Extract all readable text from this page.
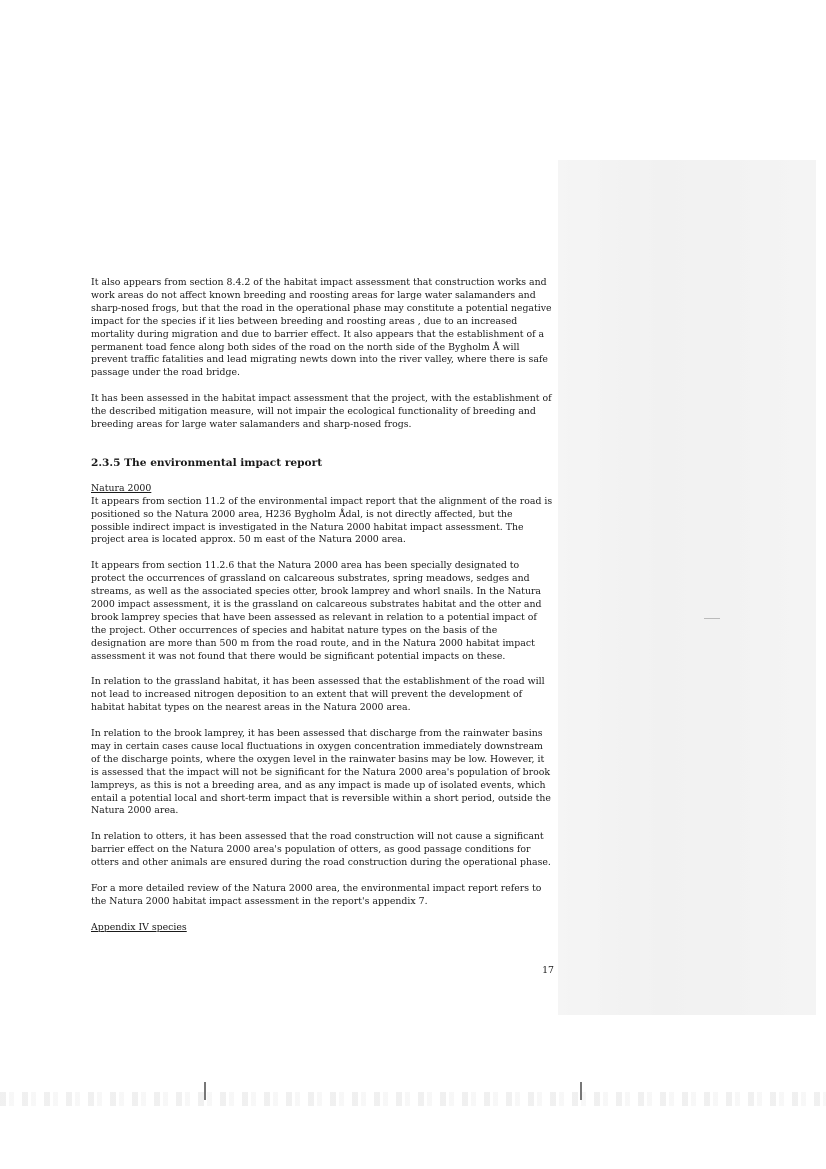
It also appears from section 8.4.2 of the habitat impact assessment that construction works and work areas do not affect known breeding and roosting areas for large water salamanders and sharp-nosed frogs, but that the road in the operational phase may constitute a potential negative impact for the species if it lies between breeding and roosting areas , due to an increased mortality during migration and due to barrier effect. It also appears that the establishment of a permanent toad fence along both sides of the road on the north side of the Bygholm Å will prevent traffic fatalities and lead migrating newts down into the river valley, where there is safe passage under the road bridge.

It has been assessed in the habitat impact assessment that the project, with the establishment of the described mitigation measure, will not impair the ecological functionality of breeding and breeding areas for large water salamanders and sharp-nosed frogs.

2.3.5 The environmental impact report
Natura 2000

It appears from section 11.2 of the environmental impact report that the alignment of the road is positioned so the Natura 2000 area, H236 Bygholm Ådal, is not directly affected, but the possible indirect impact is investigated in the Natura 2000 habitat impact assessment. The project area is located approx. 50 m east of the Natura 2000 area.

It appears from section 11.2.6 that the Natura 2000 area has been specially designated to protect the occurrences of grassland on calcareous substrates, spring meadows, sedges and streams, as well as the associated species otter, brook lamprey and whorl snails. In the Natura 2000 impact assessment, it is the grassland on calcareous substrates habitat and the otter and brook lamprey species that have been assessed as relevant in relation to a potential impact of the project. Other occurrences of species and habitat nature types on the basis of the designation are more than 500 m from the road route, and in the Natura 2000 habitat impact assessment it was not found that there would be significant potential impacts on these.

In relation to the grassland habitat, it has been assessed that the establishment of the road will not lead to increased nitrogen deposition to an extent that will prevent the development of habitat habitat types on the nearest areas in the Natura 2000 area.

In relation to the brook lamprey, it has been assessed that discharge from the rainwater basins may in certain cases cause local fluctuations in oxygen concentration immediately downstream of the discharge points, where the oxygen level in the rainwater basins may be low. However, it is assessed that the impact will not be significant for the Natura 2000 area's population of brook lampreys, as this is not a breeding area, and as any impact is made up of isolated events, which entail a potential local and short-term impact that is reversible within a short period, outside the Natura 2000 area.

In relation to otters, it has been assessed that the road construction will not cause a significant barrier effect on the Natura 2000 area's population of otters, as good passage conditions for otters and other animals are ensured during the road construction during the operational phase.

For a more detailed review of the Natura 2000 area, the environmental impact report refers to the Natura 2000 habitat impact assessment in the report's appendix 7.

Appendix IV species
17
